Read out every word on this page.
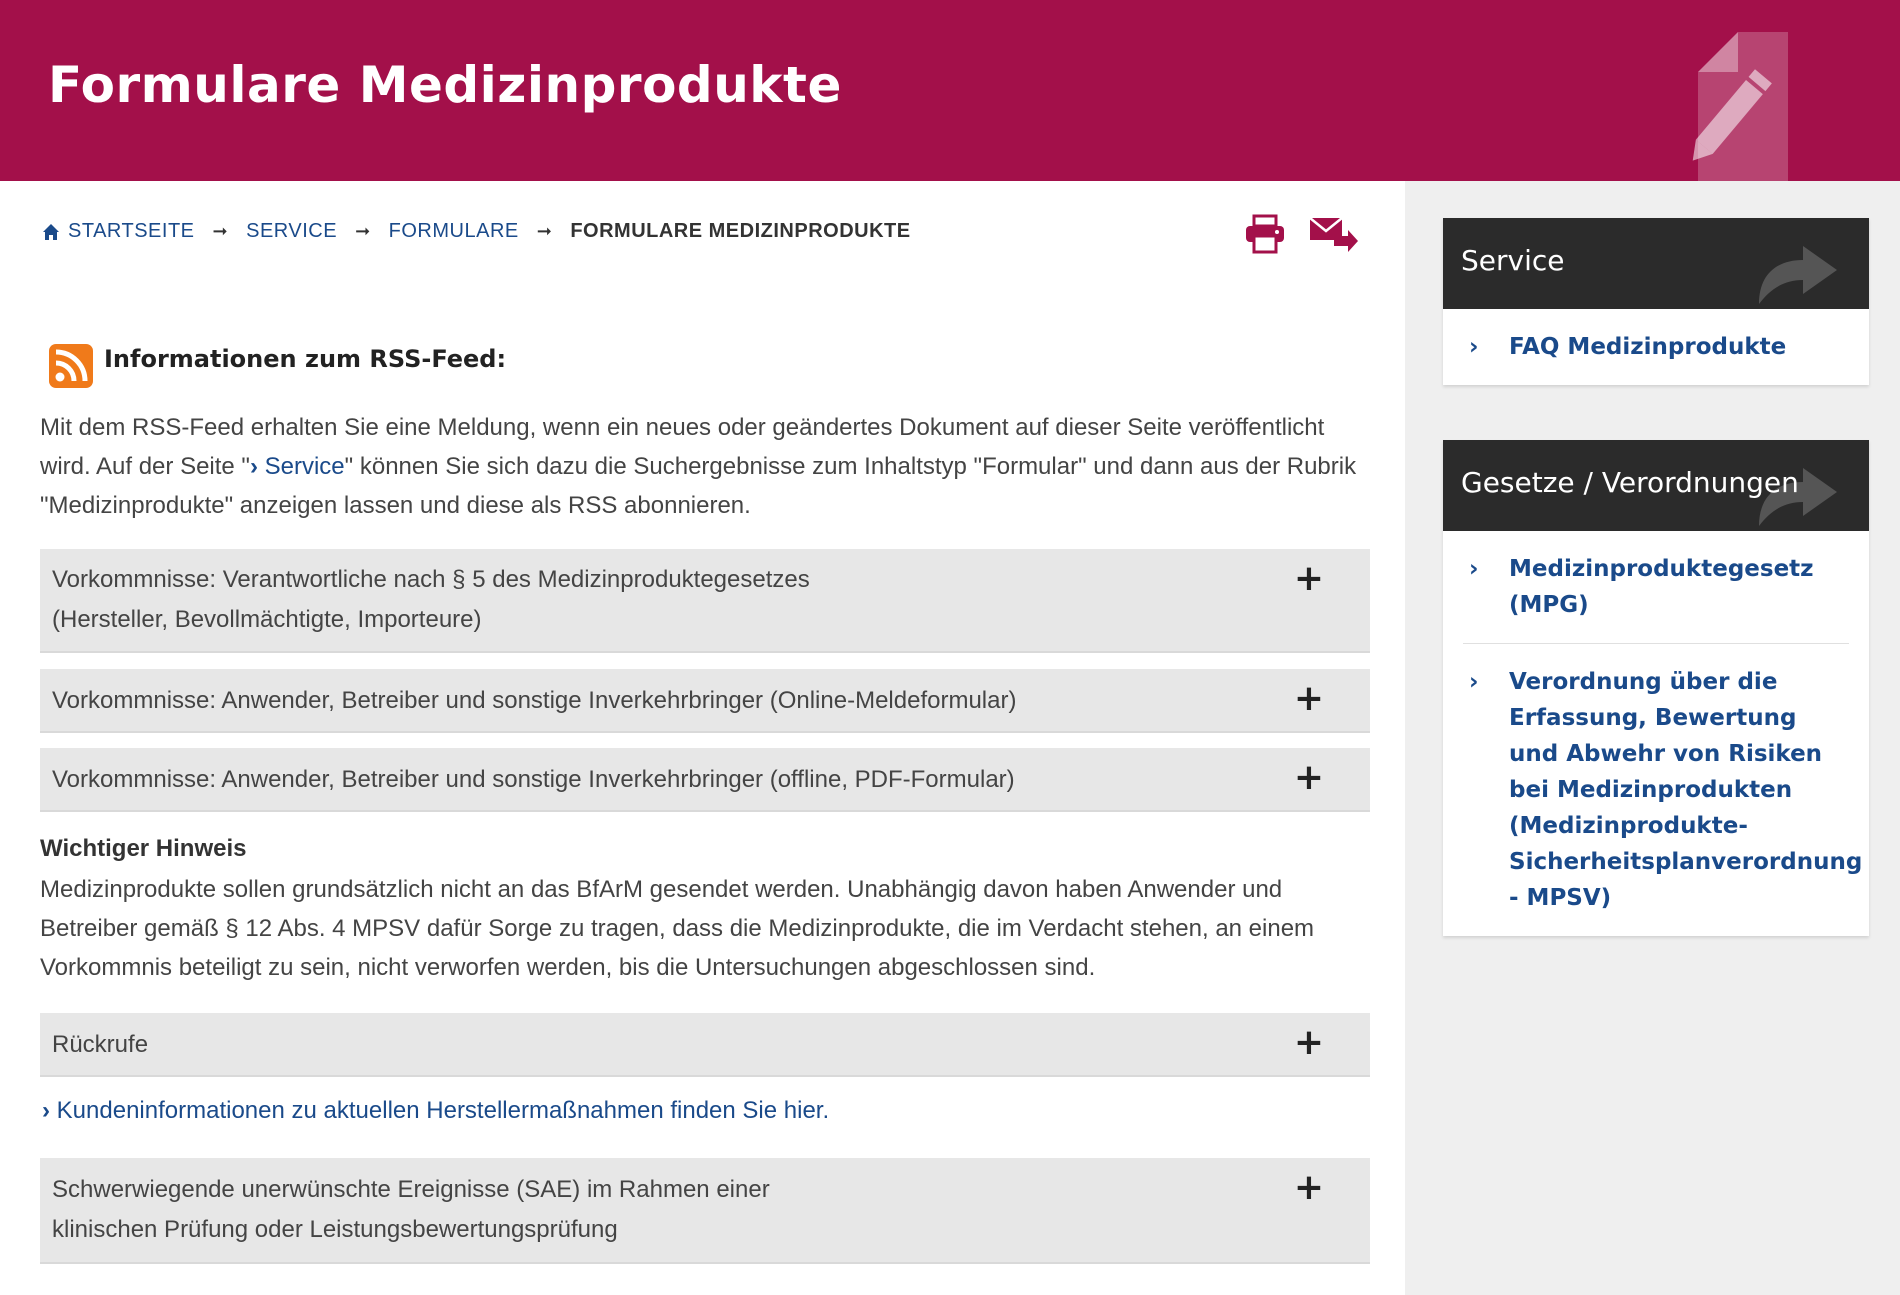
Formulare Medizinprodukte
STARTSEITE ➞ SERVICE ➞ FORMULARE ➞ FORMULARE MEDIZINPRODUKTE
Informationen zum RSS-Feed:
Mit dem RSS-Feed erhalten Sie eine Meldung, wenn ein neues oder geändertes Dokument auf dieser Seite veröffentlicht wird. Auf der Seite "› Service" können Sie sich dazu die Suchergebnisse zum Inhaltstyp "Formular" und dann aus der Rubrik "Medizinprodukte" anzeigen lassen und diese als RSS abonnieren.
Vorkommnisse: Verantwortliche nach § 5 des Medizinproduktegesetzes
(Hersteller, Bevollmächtigte, Importeure)
+
Vorkommnisse: Anwender, Betreiber und sonstige Inverkehrbringer (Online-Meldeformular)	+
Vorkommnisse: Anwender, Betreiber und sonstige Inverkehrbringer (offline, PDF-Formular)	+
Wichtiger Hinweis
Medizinprodukte sollen grundsätzlich nicht an das BfArM gesendet werden. Unabhängig davon haben Anwender und Betreiber gemäß § 12 Abs. 4 MPSV dafür Sorge zu tragen, dass die Medizinprodukte, die im Verdacht stehen, an einem Vorkommnis beteiligt zu sein, nicht verworfen werden, bis die Untersuchungen abgeschlossen sind.
Rückrufe	+
› Kundeninformationen zu aktuellen Herstellermaßnahmen finden Sie hier.
Schwerwiegende unerwünschte Ereignisse (SAE) im Rahmen einer
klinischen Prüfung oder Leistungsbewertungsprüfung
+
Service
› FAQ Medizinprodukte
Gesetze / Verordnungen
› Medizinproduktegesetz (MPG)
› Verordnung über die Erfassung, Bewertung und Abwehr von Risiken bei Medizinprodukten (Medizinprodukte-Sicherheitsplanverordnung - MPSV)
